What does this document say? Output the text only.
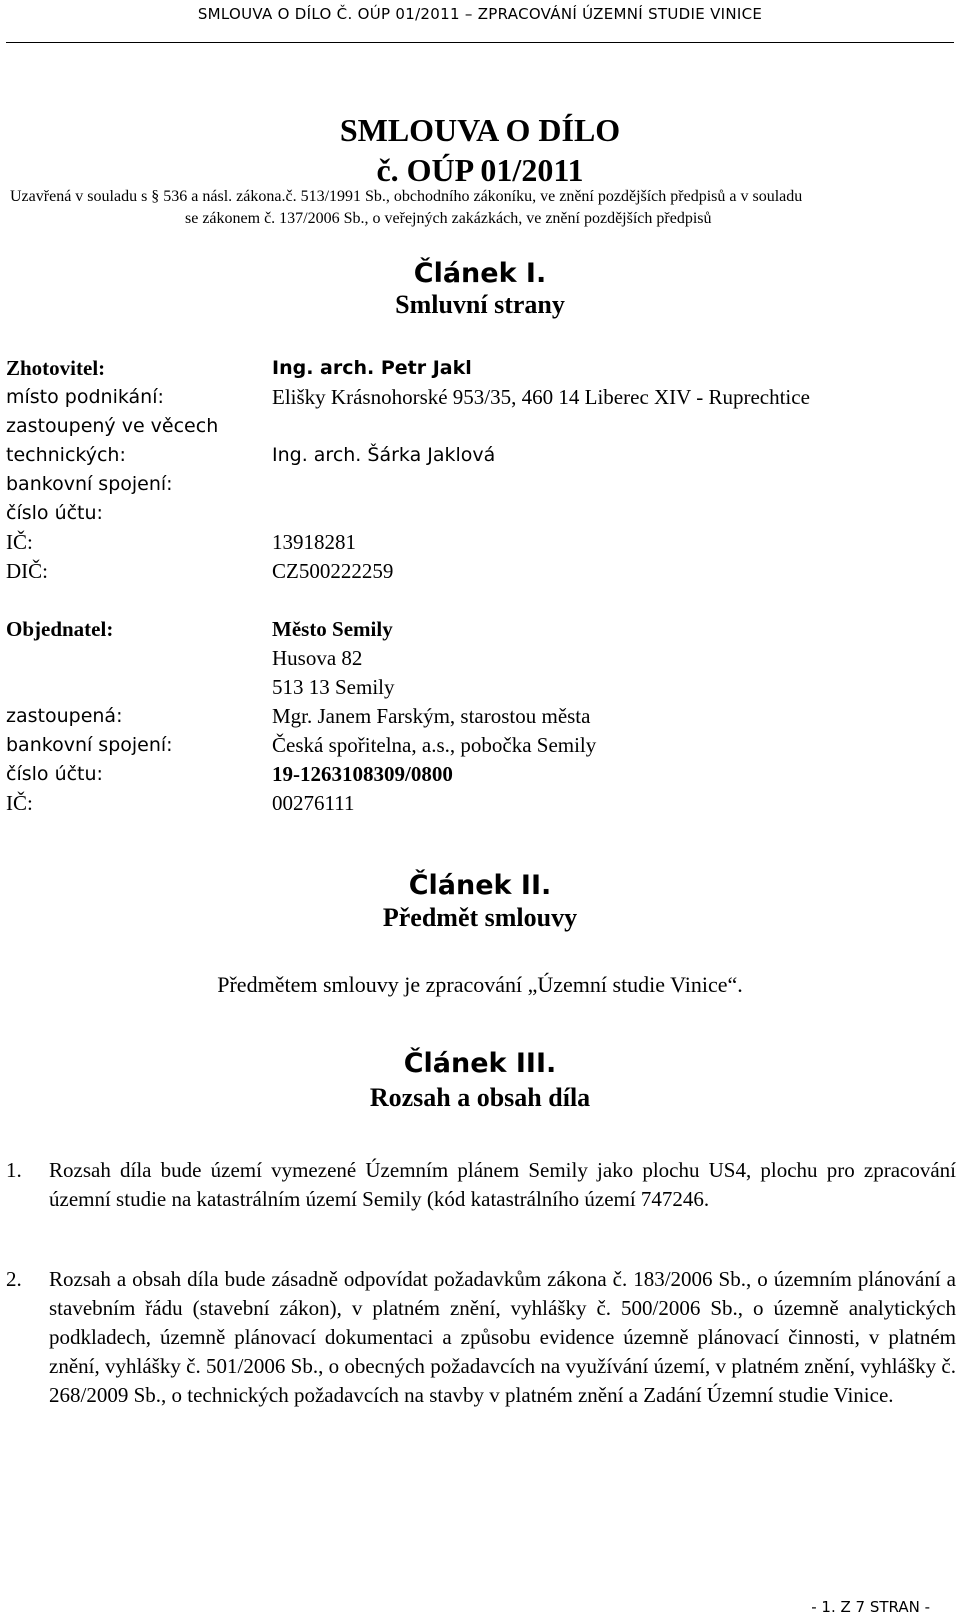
SMLOUVA O DÍLO Č. OÚP 01/2011 – ZPRACOVÁNÍ ÚZEMNÍ STUDIE VINICE
SMLOUVA O DÍLO
č. OÚP 01/2011
Uzavřená v souladu s § 536 a násl. zákona.č. 513/1991 Sb., obchodního zákoníku, ve znění pozdějších předpisů a v souladu
se zákonem č. 137/2006 Sb., o veřejných zakázkách, ve znění pozdějších předpisů
Článek I.
Smluvní strany
Zhotovitel:	Ing. arch. Petr Jakl
místo podnikání:	Elišky Krásnohorské 953/35, 460 14 Liberec XIV - Ruprechtice
zastoupený ve věcech
technických:	Ing. arch. Šárka Jaklová
bankovní spojení:
číslo účtu:
IČ:	13918281
DIČ:	CZ500222259
Objednatel:	Město Semily
Husova 82
513 13 Semily
zastoupená:	Mgr. Janem Farským, starostou města
bankovní spojení:	Česká spořitelna, a.s., pobočka Semily
číslo účtu:	19-1263108309/0800
IČ:	00276111
Článek II.
Předmět smlouvy
Předmětem smlouvy je zpracování „Územní studie Vinice“.
Článek III.
Rozsah a obsah díla
1.	Rozsah díla bude území vymezené Územním plánem Semily jako plochu US4, plochu pro zpracování územní studie na katastrálním území Semily (kód katastrálního území 747246.
2.	Rozsah a obsah díla bude zásadně odpovídat požadavkům zákona č. 183/2006 Sb., o územním plánování a stavebním řádu (stavební zákon), v platném znění, vyhlášky č. 500/2006 Sb., o územně analytických podkladech, územně plánovací dokumentaci a způsobu evidence územně plánovací činnosti, v platném znění, vyhlášky č. 501/2006 Sb., o obecných požadavcích na využívání území, v platném znění, vyhlášky č. 268/2009 Sb., o technických požadavcích na stavby v platném znění a Zadání Územní studie Vinice.
- 1. Z 7 STRAN -
